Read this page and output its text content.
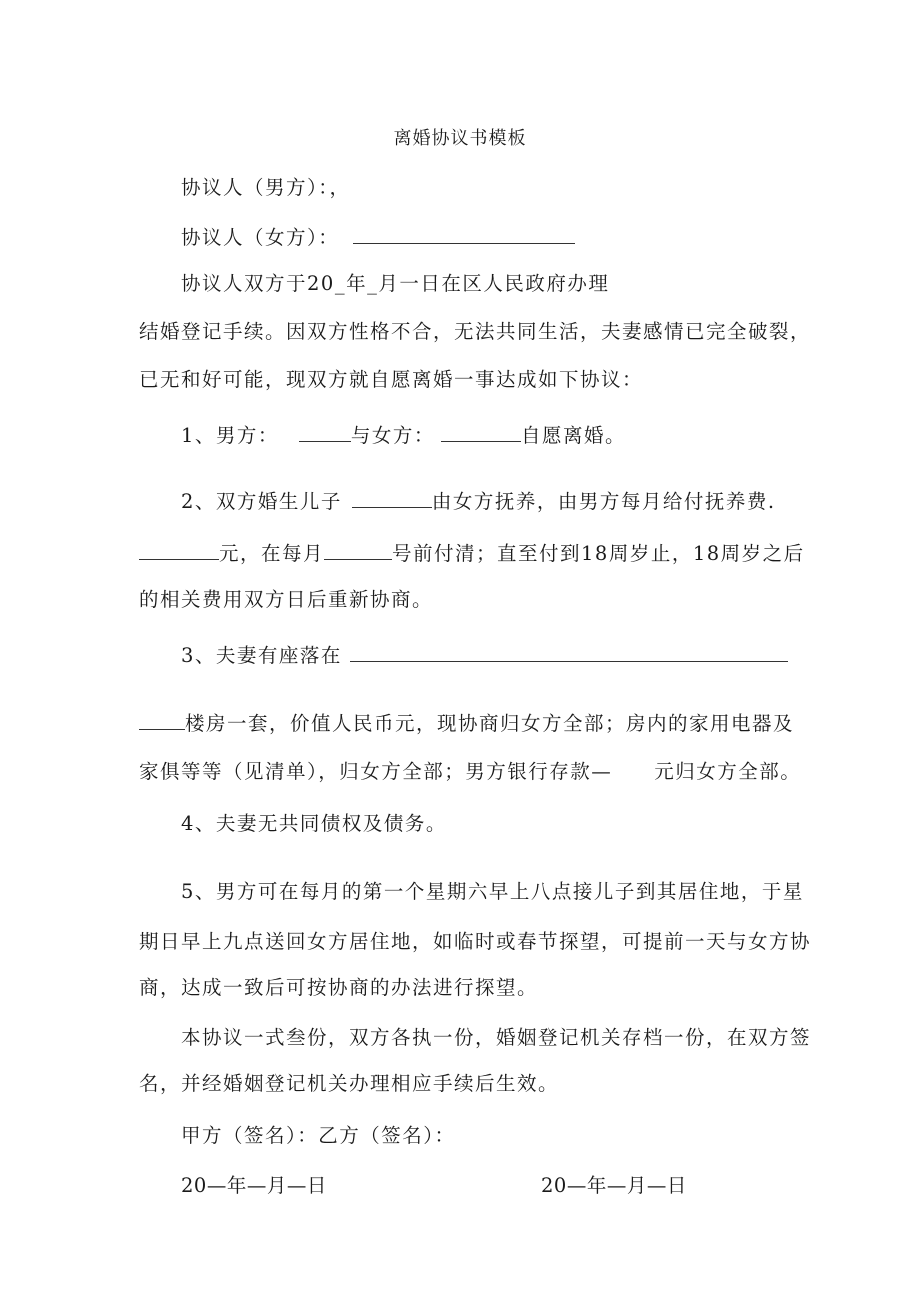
离婚协议书模板
协议人（男方）：，
协议人（女方）：
协议人双方于20_年_月一日在区人民政府办理
结婚登记手续。因双方性格不合，无法共同生活，夫妻感情已完全破裂，
已无和好可能，现双方就自愿离婚一事达成如下协议：
1、男方：	与女方：	自愿离婚。
2、双方婚生儿子	由女方抚养，由男方每月给付抚养费.
元，在每月	号前付清；直至付到18周岁止，18周岁之后
的相关费用双方日后重新协商。
3、夫妻有座落在
楼房一套，价值人民币元，现协商归女方全部；房内的家用电器及
家俱等等（见清单），归女方全部；男方银行存款—　　元归女方全部。
4、夫妻无共同债权及债务。
5、男方可在每月的第一个星期六早上八点接儿子到其居住地，于星
期日早上九点送回女方居住地，如临时或春节探望，可提前一天与女方协
商，达成一致后可按协商的办法进行探望。
本协议一式叁份，双方各执一份，婚姻登记机关存档一份，在双方签
名，并经婚姻登记机关办理相应手续后生效。
甲方（签名）：乙方（签名）：
20—年—月—日	20—年—月—日
